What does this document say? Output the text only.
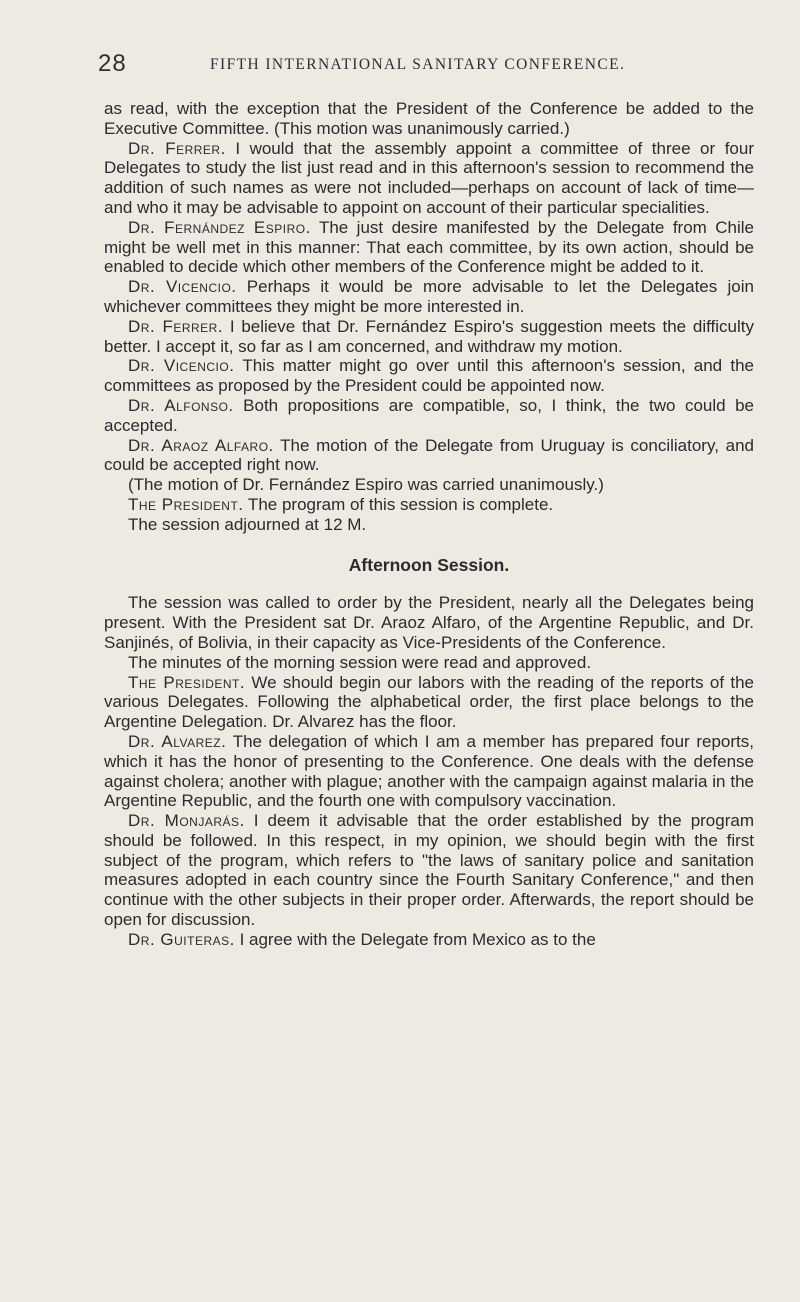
28	FIFTH INTERNATIONAL SANITARY CONFERENCE.

as read, with the exception that the President of the Conference be added to the Executive Committee. (This motion was unanimously carried.)

Dr. Ferrer. I would that the assembly appoint a committee of three or four Delegates to study the list just read and in this afternoon's session to recommend the addition of such names as were not included—perhaps on account of lack of time—and who it may be advisable to appoint on account of their particular specialities.

Dr. Fernández Espiro. The just desire manifested by the Delegate from Chile might be well met in this manner: That each committee, by its own action, should be enabled to decide which other members of the Conference might be added to it.

Dr. Vicencio. Perhaps it would be more advisable to let the Delegates join whichever committees they might be more interested in.

Dr. Ferrer. I believe that Dr. Fernández Espiro's suggestion meets the difficulty better. I accept it, so far as I am concerned, and withdraw my motion.

Dr. Vicencio. This matter might go over until this afternoon's session, and the committees as proposed by the President could be appointed now.

Dr. Alfonso. Both propositions are compatible, so, I think, the two could be accepted.

Dr. Araoz Alfaro. The motion of the Delegate from Uruguay is conciliatory, and could be accepted right now.

(The motion of Dr. Fernández Espiro was carried unanimously.)

The President. The program of this session is complete.

The session adjourned at 12 M.

Afternoon Session.

The session was called to order by the President, nearly all the Delegates being present. With the President sat Dr. Araoz Alfaro, of the Argentine Republic, and Dr. Sanjinés, of Bolivia, in their capacity as Vice-Presidents of the Conference.

The minutes of the morning session were read and approved.

The President. We should begin our labors with the reading of the reports of the various Delegates. Following the alphabetical order, the first place belongs to the Argentine Delegation. Dr. Alvarez has the floor.

Dr. Alvarez. The delegation of which I am a member has prepared four reports, which it has the honor of presenting to the Conference. One deals with the defense against cholera; another with plague; another with the campaign against malaria in the Argentine Republic, and the fourth one with compulsory vaccination.

Dr. Monjarás. I deem it advisable that the order established by the program should be followed. In this respect, in my opinion, we should begin with the first subject of the program, which refers to "the laws of sanitary police and sanitation measures adopted in each country since the Fourth Sanitary Conference," and then continue with the other subjects in their proper order. Afterwards, the report should be open for discussion.

Dr. Guiteras. I agree with the Delegate from Mexico as to the
